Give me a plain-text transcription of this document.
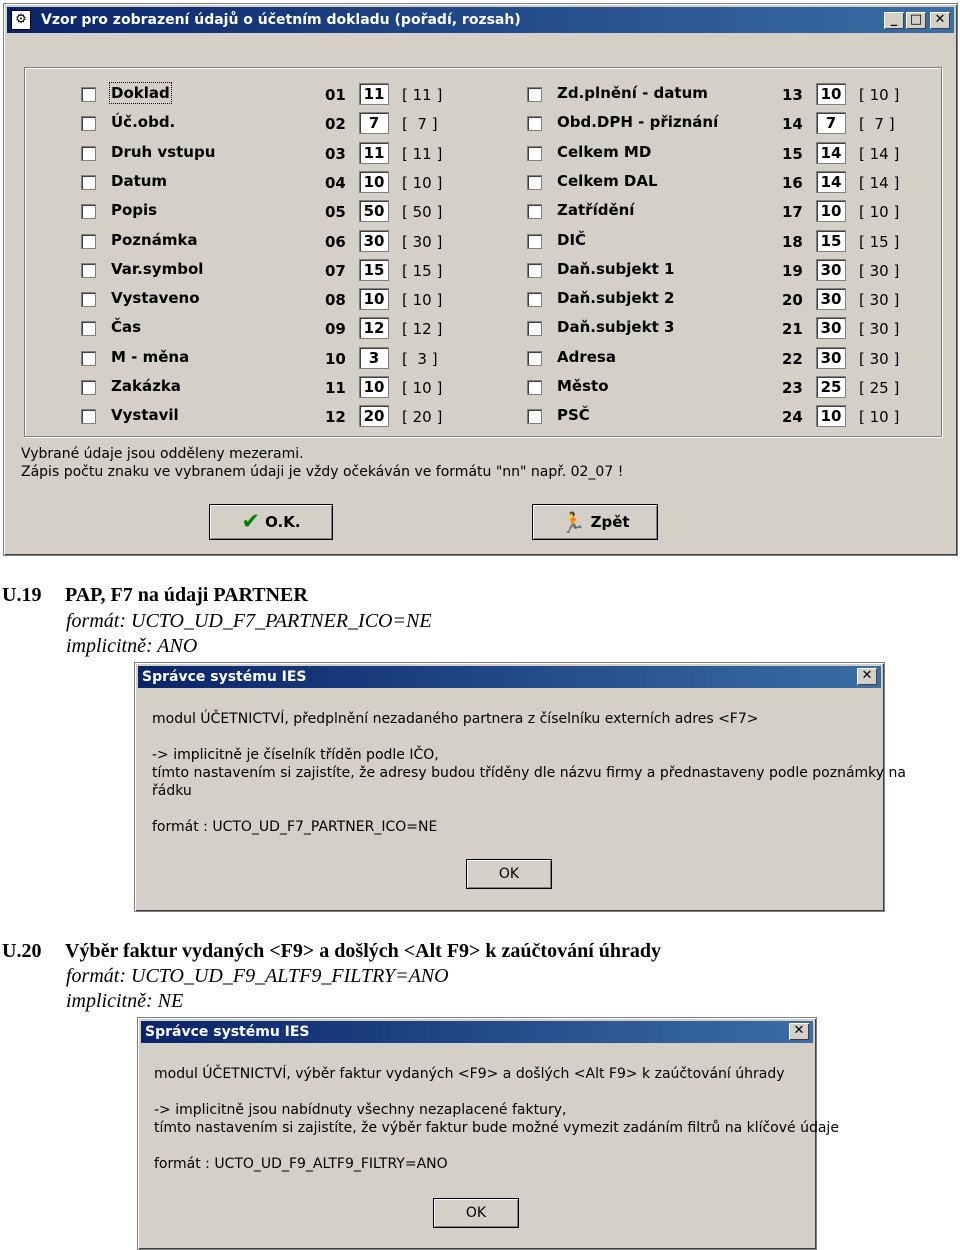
⚙ Vzor pro zobrazení údajů o účetním dokladu (pořadí, rozsah)	_ □ ✕
Doklad	01	11	[ 11 ]
Úč.obd.	02	7	[  7 ]
Druh vstupu	03	11	[ 11 ]
Datum	04	10	[ 10 ]
Popis	05	50	[ 50 ]
Poznámka	06	30	[ 30 ]
Var.symbol	07	15	[ 15 ]
Vystaveno	08	10	[ 10 ]
Čas	09	12	[ 12 ]
M - měna	10	3	[  3 ]
Zakázka	11	10	[ 10 ]
Vystavil	12	20	[ 20 ]
Zd.plnění - datum	13	10	[ 10 ]
Obd.DPH - přiznání	14	7	[  7 ]
Celkem MD	15	14	[ 14 ]
Celkem DAL	16	14	[ 14 ]
Zatřídění	17	10	[ 10 ]
DIČ	18	15	[ 15 ]
Daň.subjekt 1	19	30	[ 30 ]
Daň.subjekt 2	20	30	[ 30 ]
Daň.subjekt 3	21	30	[ 30 ]
Adresa	22	30	[ 30 ]
Město	23	25	[ 25 ]
PSČ	24	10	[ 10 ]
Vybrané údaje jsou odděleny mezerami.
Zápis počtu znaku ve vybranem údaji je vždy očekáván ve formátu "nn" např. 02_07 !
✔ O.K.	🏃 Zpět
U.19 PAP, F7 na údaji PARTNER
formát: UCTO_UD_F7_PARTNER_ICO=NE
implicitně: ANO
Správce systému IES	✕
modul ÚČETNICTVÍ, předplnění nezadaného partnera z číselníku externích adres <F7>
-> implicitně je číselník tříděn podle IČO,
tímto nastavením si zajistíte, že adresy budou tříděny dle názvu firmy a přednastaveny podle poznámky na
řádku
formát : UCTO_UD_F7_PARTNER_ICO=NE
OK
U.20 Výběr faktur vydaných <F9> a došlých <Alt F9> k zaúčtování úhrady
formát: UCTO_UD_F9_ALTF9_FILTRY=ANO
implicitně: NE
Správce systému IES	✕
modul ÚČETNICTVÍ, výběr faktur vydaných <F9> a došlých <Alt F9> k zaúčtování úhrady
-> implicitně jsou nabídnuty všechny nezaplacené faktury,
tímto nastavením si zajistíte, že výběr faktur bude možné vymezit zadáním filtrů na klíčové údaje
formát : UCTO_UD_F9_ALTF9_FILTRY=ANO
OK
